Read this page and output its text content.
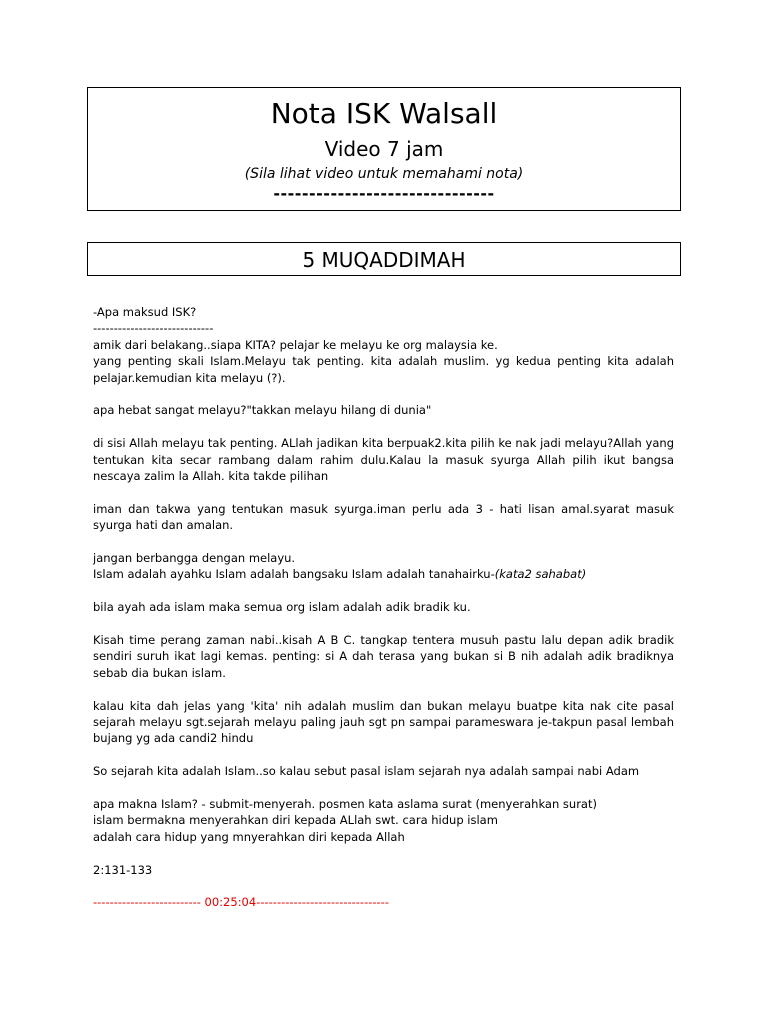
Nota ISK Walsall
Video 7 jam
(Sila lihat video untuk memahami nota)
-------------------------------
5 MUQADDIMAH

-Apa maksud ISK?

-----------------------------

amik dari belakang..siapa KITA? pelajar ke melayu ke org malaysia ke.

yang penting skali Islam.Melayu tak penting. kita adalah muslim. yg kedua penting kita adalah pelajar.kemudian kita melayu (?).

apa hebat sangat melayu?"takkan melayu hilang di dunia"

di sisi Allah melayu tak penting. ALlah jadikan kita berpuak2.kita pilih ke nak jadi melayu?Allah yang tentukan kita secar rambang dalam rahim dulu.Kalau la masuk syurga Allah pilih ikut bangsa nescaya zalim la Allah. kita takde pilihan

iman dan takwa yang tentukan masuk syurga.iman perlu ada 3 - hati lisan amal.syarat masuk syurga hati dan amalan.

jangan berbangga dengan melayu.

Islam adalah ayahku Islam adalah bangsaku Islam adalah tanahairku-(kata2 sahabat)

bila ayah ada islam maka semua org islam adalah adik bradik ku.

Kisah time perang zaman nabi..kisah A B C. tangkap tentera musuh pastu lalu depan adik bradik sendiri suruh ikat lagi kemas. penting: si A dah terasa yang bukan si B nih adalah adik bradiknya sebab dia bukan islam.

kalau kita dah jelas yang 'kita' nih adalah muslim dan bukan melayu buatpe kita nak cite pasal sejarah melayu sgt.sejarah melayu paling jauh sgt pn sampai parameswara je-takpun pasal lembah bujang yg ada candi2 hindu

So sejarah kita adalah Islam..so kalau sebut pasal islam sejarah nya adalah sampai nabi Adam

apa makna Islam? - submit-menyerah. posmen kata aslama surat (menyerahkan surat)

islam bermakna menyerahkan diri kepada ALlah swt. cara hidup islam

adalah cara hidup yang mnyerahkan diri kepada Allah

2:131-133

-------------------------- 00:25:04--------------------------------
